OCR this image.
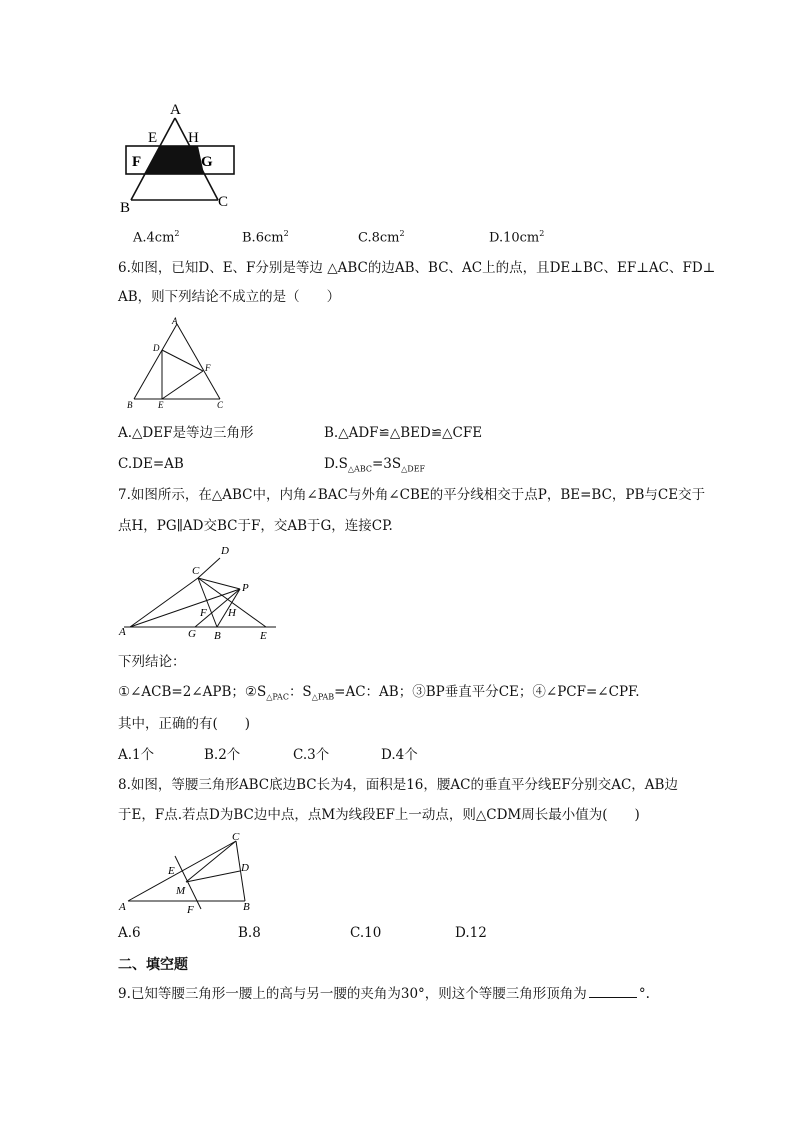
A
E H
F	G
B	C
$A.4cm^2$	$B.6cm^2$	$C.8cm^2$	$D.10cm^2$
6.如图，已知D、E、F分别是等边 △ABC的边AB、BC、AC上的点，且DE⊥BC、EF⊥AC、FD⊥
AB，则下列结论不成立的是（　　）
A
D
F
B	E	C
A.△DEF是等边三角形	B.△ADF≌△BED≌△CFE
C.DE=AB	$D.S_{\triangle ABC}=3S_{\triangle DEF}$
7.如图所示，在△ABC中，内角∠BAC与外角∠CBE的平分线相交于点P，BE=BC，PB与CE交于
点H，PG∥AD交BC于F，交AB于G，连接CP.
D
C
P
F H
A	G B	E
下列结论：
①∠ACB=2∠APB；$②S_{\triangle PAC}$：$S_{\triangle PAB}=AC$：AB；③BP垂直平分CE；④∠PCF=∠CPF.
其中，正确的有(　　)
A.1个	B.2个	C.3个	D.4个
8.如图，等腰三角形ABC底边BC长为4，面积是16，腰AC的垂直平分线EF分别交AC，AB边
于E，F点.若点D为BC边中点，点M为线段EF上一动点，则△CDM周长最小值为(　　)
C
E	D
M
A	F	B
A.6	B.8	C.10	D.12
二、填空题
9.已知等腰三角形一腰上的高与另一腰的夹角为30°，则这个等腰三角形顶角为	°.
